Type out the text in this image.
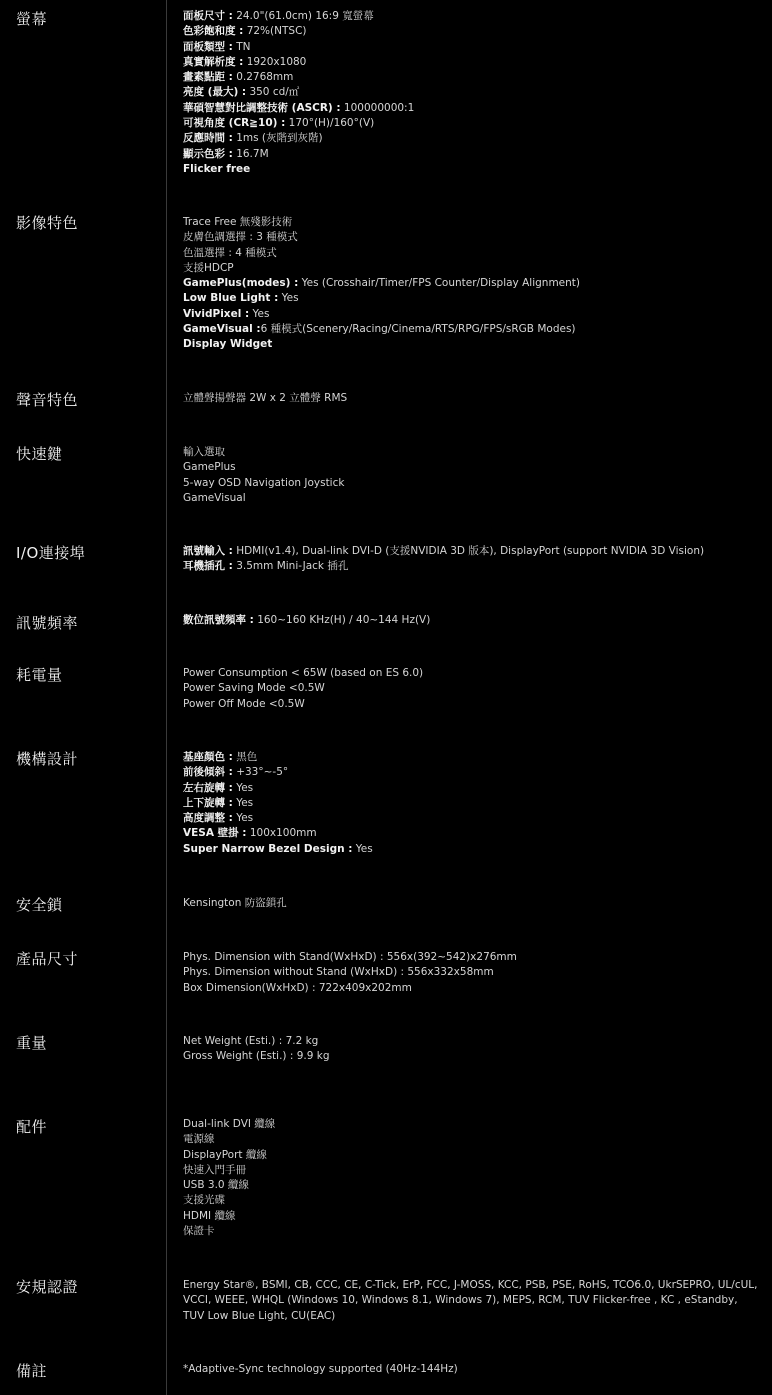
螢幕	面板尺寸 : 24.0"(61.0cm) 16:9 寬螢幕
色彩飽和度 : 72%(NTSC)
面板類型 : TN
真實解析度 : 1920x1080
畫素點距 : 0.2768mm
亮度 (最大) : 350 cd/㎡
華碩智慧對比調整技術 (ASCR) : 100000000:1
可視角度 (CR≧10) : 170°(H)/160°(V)
反應時間 : 1ms (灰階到灰階)
顯示色彩 : 16.7M
Flicker free
影像特色	Trace Free 無殘影技術
皮膚色調選擇 : 3 種模式
色溫選擇 : 4 種模式
支援HDCP
GamePlus(modes) : Yes (Crosshair/Timer/FPS Counter/Display Alignment)
Low Blue Light : Yes
VividPixel : Yes
GameVisual :6 種模式(Scenery/Racing/Cinema/RTS/RPG/FPS/sRGB Modes)
Display Widget
聲音特色	立體聲揚聲器 2W x 2 立體聲 RMS
快速鍵	輸入選取
GamePlus
5-way OSD Navigation Joystick
GameVisual
I/O連接埠	訊號輸入 : HDMI(v1.4), Dual-link DVI-D (支援NVIDIA 3D 版本), DisplayPort (support NVIDIA 3D Vision)
耳機插孔 : 3.5mm Mini-Jack 插孔
訊號頻率	數位訊號頻率 : 160~160 KHz(H) / 40~144 Hz(V)
耗電量	Power Consumption < 65W (based on ES 6.0)
Power Saving Mode <0.5W
Power Off Mode <0.5W
機構設計	基座顏色 : 黑色
前後傾斜 : +33°~-5°
左右旋轉 : Yes
上下旋轉 : Yes
高度調整 : Yes
VESA 壁掛 : 100x100mm
Super Narrow Bezel Design : Yes
安全鎖	Kensington 防盜鎖孔
產品尺寸	Phys. Dimension with Stand(WxHxD) : 556x(392~542)x276mm
Phys. Dimension without Stand (WxHxD) : 556x332x58mm
Box Dimension(WxHxD) : 722x409x202mm
重量	Net Weight (Esti.) : 7.2 kg
Gross Weight (Esti.) : 9.9 kg
配件	Dual-link DVI 纜線
電源線
DisplayPort 纜線
快速入門手冊
USB 3.0 纜線
支援光碟
HDMI 纜線
保證卡
安規認證	Energy Star®, BSMI, CB, CCC, CE, C-Tick, ErP, FCC, J-MOSS, KCC, PSB, PSE, RoHS, TCO6.0, UkrSEPRO, UL/cUL, VCCI, WEEE, WHQL (Windows 10, Windows 8.1, Windows 7), MEPS, RCM, TUV Flicker-free , KC , eStandby, TUV Low Blue Light, CU(EAC)
備註	*Adaptive-Sync technology supported (40Hz-144Hz)
